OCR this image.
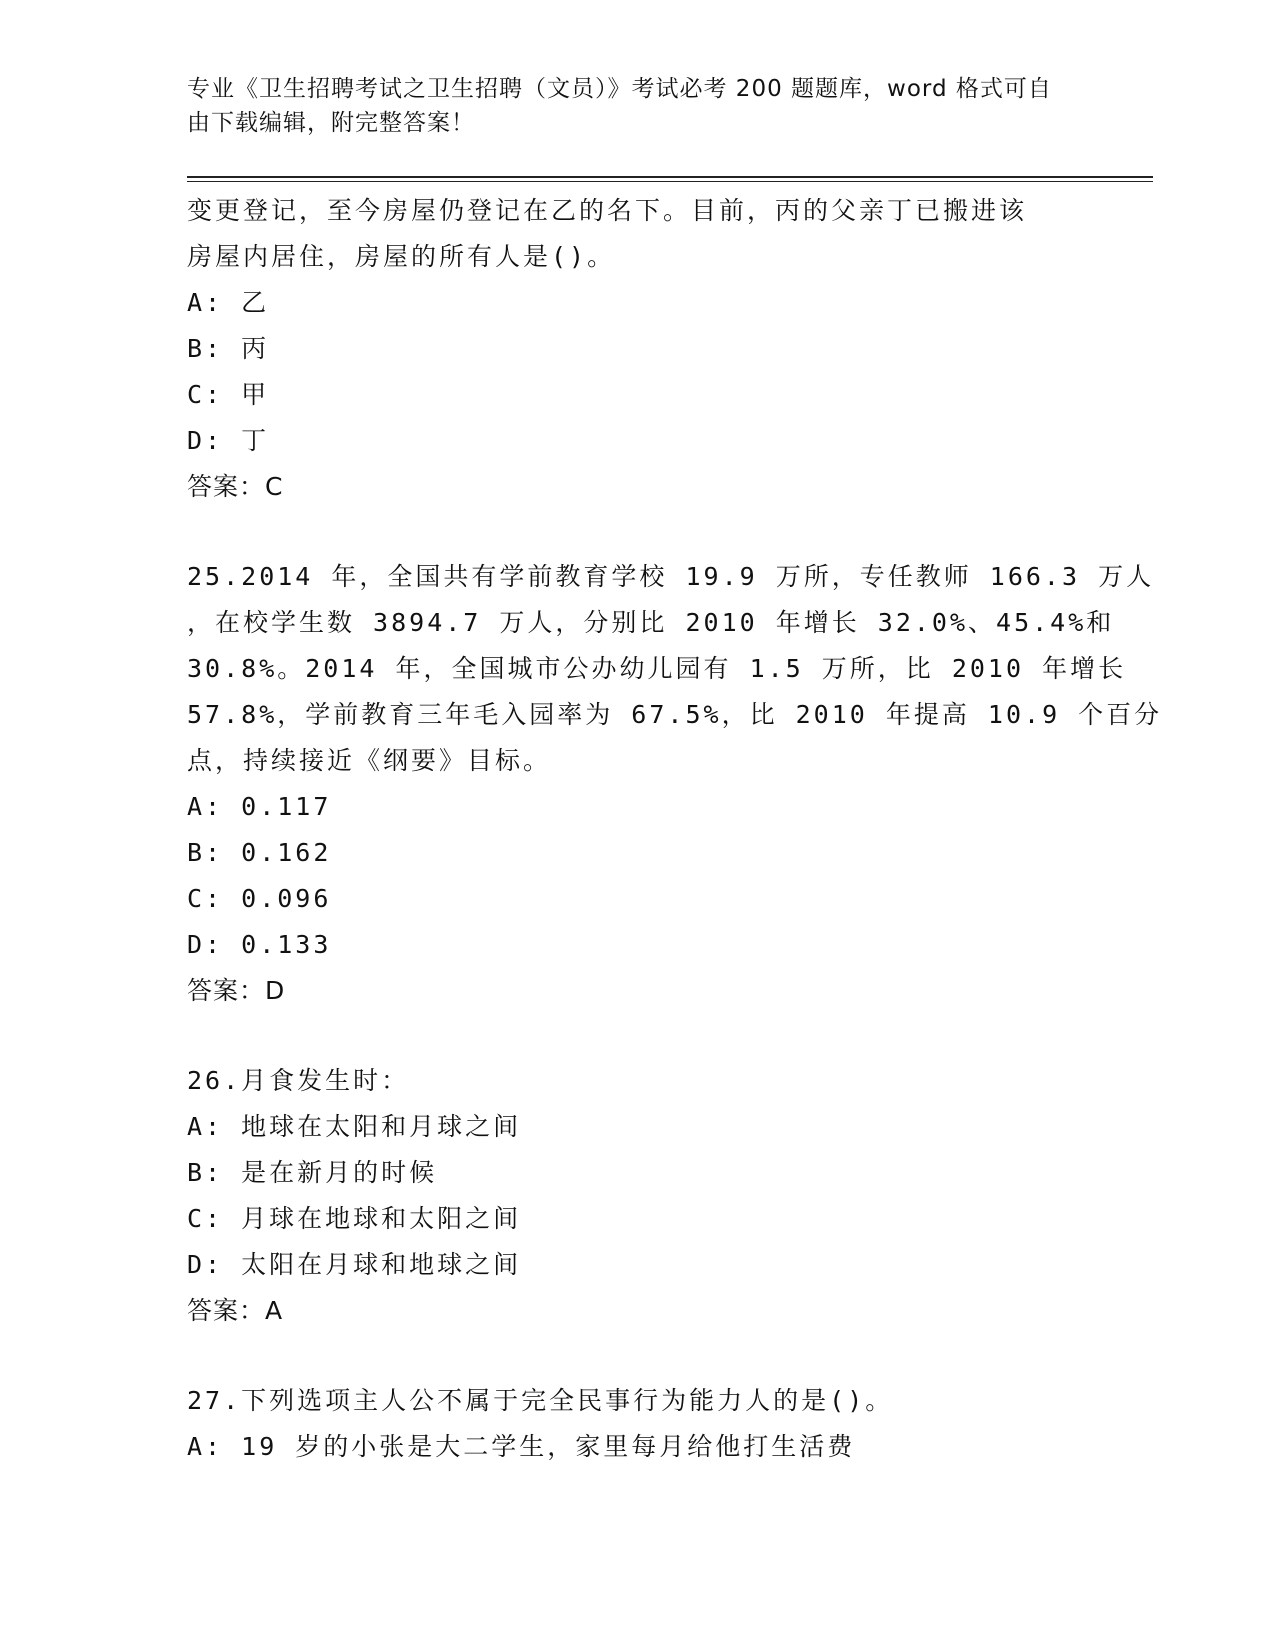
专业《卫生招聘考试之卫生招聘（文员）》考试必考 200 题题库，word 格式可自
由下载编辑，附完整答案！
变更登记，至今房屋仍登记在乙的名下。目前，丙的父亲丁已搬进该
房屋内居住，房屋的所有人是()。
A: 乙
B: 丙
C: 甲
D: 丁
答案：C
25.2014 年，全国共有学前教育学校 19.9 万所，专任教师 166.3 万人
，在校学生数 3894.7 万人，分别比 2010 年增长 32.0%、45.4%和
30.8%。2014 年，全国城市公办幼儿园有 1.5 万所，比 2010 年增长
57.8%，学前教育三年毛入园率为 67.5%，比 2010 年提高 10.9 个百分
点，持续接近《纲要》目标。
A: 0.117
B: 0.162
C: 0.096
D: 0.133
答案：D
26.月食发生时：
A: 地球在太阳和月球之间
B: 是在新月的时候
C: 月球在地球和太阳之间
D: 太阳在月球和地球之间
答案：A
27.下列选项主人公不属于完全民事行为能力人的是()。
A: 19 岁的小张是大二学生，家里每月给他打生活费
